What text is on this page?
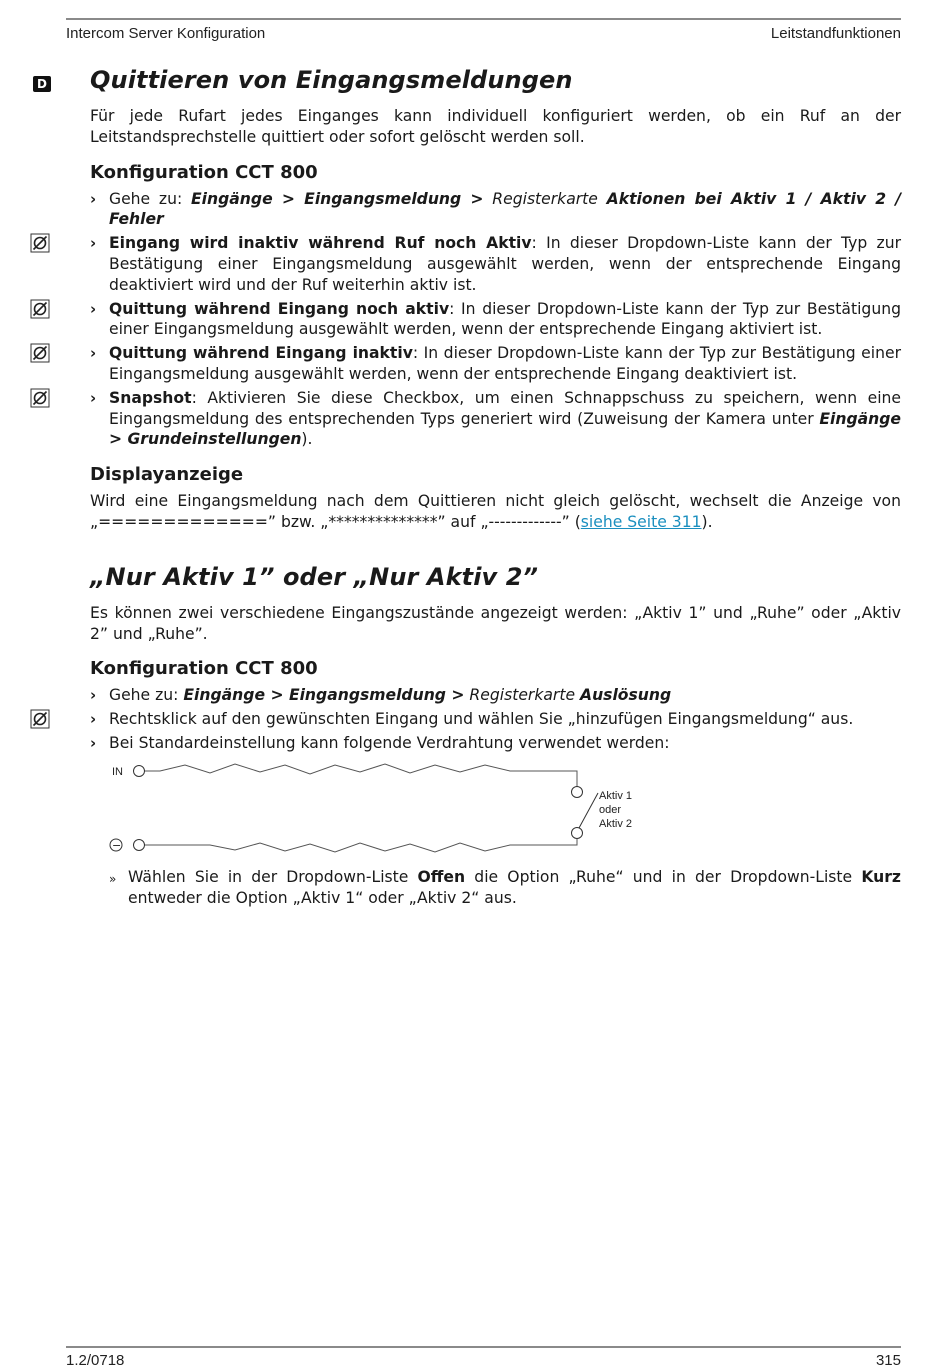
Intercom Server Konfiguration	Leitstandfunktionen
D Quittieren von Eingangsmeldungen

Für jede Rufart jedes Einganges kann individuell konfiguriert werden, ob ein Ruf an der Leitstandsprechstelle quittiert oder sofort gelöscht werden soll.

Konfiguration CCT 800
› Gehe zu: Eingänge > Eingangsmeldung > Registerkarte Aktionen bei Aktiv 1 / Aktiv 2 / Fehler
› Eingang wird inaktiv während Ruf noch Aktiv: In dieser Dropdown-Liste kann der Typ zur Bestätigung einer Eingangsmeldung ausgewählt werden, wenn der entsprechende Eingang deaktiviert wird und der Ruf weiterhin aktiv ist.
› Quittung während Eingang noch aktiv: In dieser Dropdown-Liste kann der Typ zur Bestätigung einer Eingangsmeldung ausgewählt werden, wenn der entsprechende Eingang aktiviert ist.
› Quittung während Eingang inaktiv: In dieser Dropdown-Liste kann der Typ zur Bestätigung einer Eingangsmeldung ausgewählt werden, wenn der entsprechende Eingang deaktiviert ist.
› Snapshot: Aktivieren Sie diese Checkbox, um einen Schnappschuss zu speichern, wenn eine Eingangsmeldung des entsprechenden Typs generiert wird (Zuweisung der Kamera unter Eingänge > Grundeinstellungen).
Displayanzeige

Wird eine Eingangsmeldung nach dem Quittieren nicht gleich gelöscht, wechselt die Anzeige von „=============” bzw. „**************” auf „-------------” (siehe Seite 311).

„Nur Aktiv 1” oder „Nur Aktiv 2”

Es können zwei verschiedene Eingangszustände angezeigt werden: „Aktiv 1” und „Ruhe” oder „Aktiv 2” und „Ruhe”.

Konfiguration CCT 800
› Gehe zu: Eingänge > Eingangsmeldung > Registerkarte Auslösung
› Rechtsklick auf den gewünschten Eingang und wählen Sie „hinzufügen Eingangsmeldung“ aus.
› Bei Standardeinstellung kann folgende Verdrahtung verwendet werden:
IN
Aktiv 1
oder
Aktiv 2
−
» Wählen Sie in der Dropdown-Liste Offen die Option „Ruhe“ und in der Dropdown-Liste Kurz entweder die Option „Aktiv 1“ oder „Aktiv 2“ aus.
1.2/0718	315
